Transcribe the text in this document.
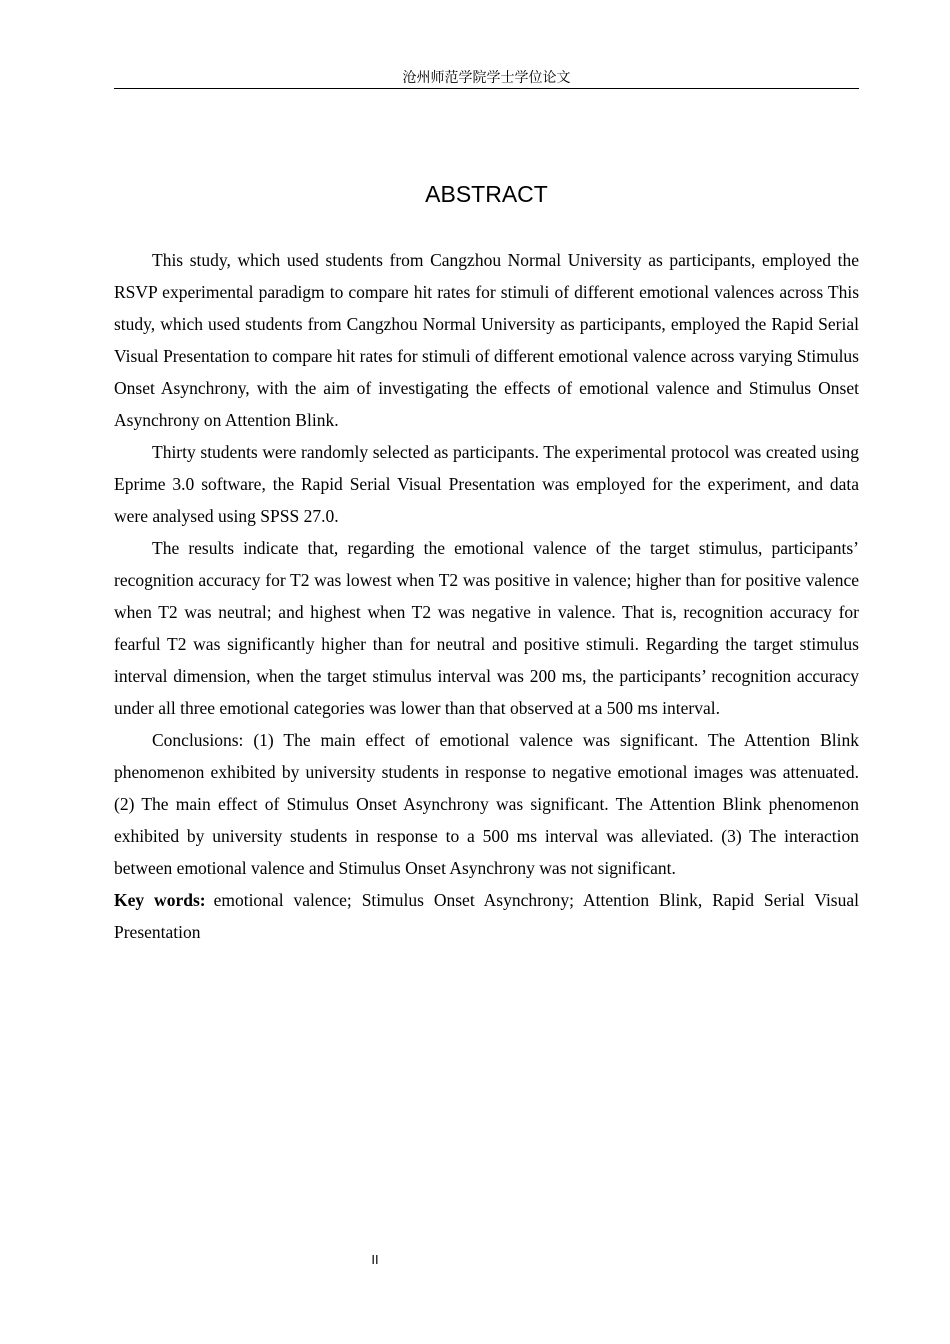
沧州师范学院学士学位论文
ABSTRACT

This study, which used students from Cangzhou Normal University as participants, employed the RSVP experimental paradigm to compare hit rates for stimuli of different emotional valences across This study, which used students from Cangzhou Normal University as participants, employed the Rapid Serial Visual Presentation to compare hit rates for stimuli of different emotional valence across varying Stimulus Onset Asynchrony, with the aim of investigating the effects of emotional valence and Stimulus Onset Asynchrony on Attention Blink.

Thirty students were randomly selected as participants. The experimental protocol was created using Eprime 3.0 software, the Rapid Serial Visual Presentation was employed for the experiment, and data were analysed using SPSS 27.0.

The results indicate that, regarding the emotional valence of the target stimulus, participants’ recognition accuracy for T2 was lowest when T2 was positive in valence; higher than for positive valence when T2 was neutral; and highest when T2 was negative in valence. That is, recognition accuracy for fearful T2 was significantly higher than for neutral and positive stimuli. Regarding the target stimulus interval dimension, when the target stimulus interval was 200 ms, the participants’ recognition accuracy under all three emotional categories was lower than that observed at a 500 ms interval.

Conclusions: (1) The main effect of emotional valence was significant. The Attention Blink phenomenon exhibited by university students in response to negative emotional images was attenuated. (2) The main effect of Stimulus Onset Asynchrony was significant. The Attention Blink phenomenon exhibited by university students in response to a 500 ms interval was alleviated. (3) The interaction between emotional valence and Stimulus Onset Asynchrony was not significant.

Key words: emotional valence; Stimulus Onset Asynchrony; Attention Blink, Rapid Serial Visual Presentation
II
